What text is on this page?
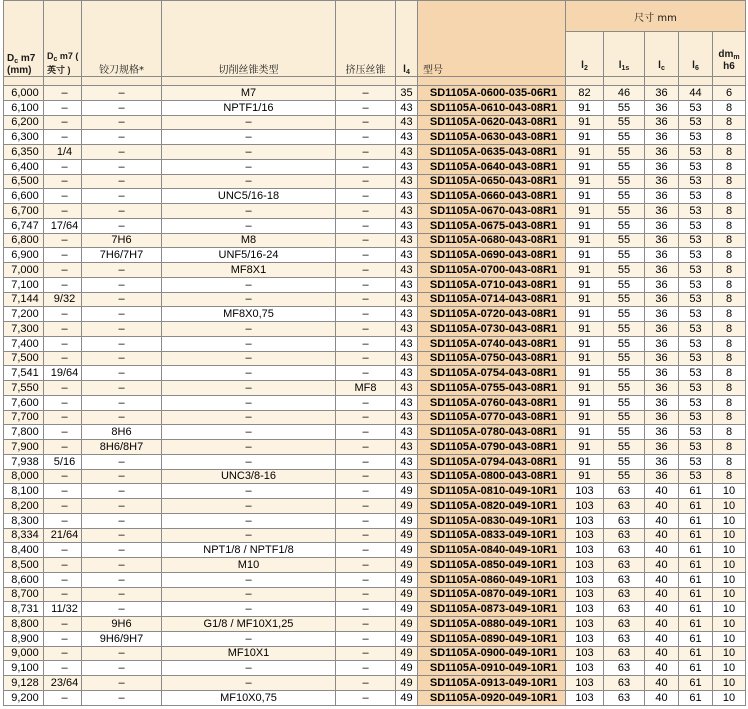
$D_c$ m7 (mm)	$D_c$ m7 ( 英寸 )	铰刀规格*	切削丝锥类型	挤压丝锥	$l_4$	型号	尺寸 mm				
							$l_2$	$l_{1s}$	$l_c$	$l_6$	$dm_m$ h6

6,000	–	–	M7	–	35	SD1105A-0600-035-06R1	82	46	36	44	6
6,100	–	–	NPTF1/16	–	43	SD1105A-0610-043-08R1	91	55	36	53	8
6,200	–	–	–	–	43	SD1105A-0620-043-08R1	91	55	36	53	8
6,300	–	–	–	–	43	SD1105A-0630-043-08R1	91	55	36	53	8
6,350	1/4	–	–	–	43	SD1105A-0635-043-08R1	91	55	36	53	8
6,400	–	–	–	–	43	SD1105A-0640-043-08R1	91	55	36	53	8
6,500	–	–	–	–	43	SD1105A-0650-043-08R1	91	55	36	53	8
6,600	–	–	UNC5/16-18	–	43	SD1105A-0660-043-08R1	91	55	36	53	8
6,700	–	–	–	–	43	SD1105A-0670-043-08R1	91	55	36	53	8
6,747	17/64	–	–	–	43	SD1105A-0675-043-08R1	91	55	36	53	8
6,800	–	7H6	M8	–	43	SD1105A-0680-043-08R1	91	55	36	53	8
6,900	–	7H6/7H7	UNF5/16-24	–	43	SD1105A-0690-043-08R1	91	55	36	53	8
7,000	–	–	MF8X1	–	43	SD1105A-0700-043-08R1	91	55	36	53	8
7,100	–	–	–	–	43	SD1105A-0710-043-08R1	91	55	36	53	8
7,144	9/32	–	–	–	43	SD1105A-0714-043-08R1	91	55	36	53	8
7,200	–	–	MF8X0,75	–	43	SD1105A-0720-043-08R1	91	55	36	53	8
7,300	–	–	–	–	43	SD1105A-0730-043-08R1	91	55	36	53	8
7,400	–	–	–	–	43	SD1105A-0740-043-08R1	91	55	36	53	8
7,500	–	–	–	–	43	SD1105A-0750-043-08R1	91	55	36	53	8
7,541	19/64	–	–	–	43	SD1105A-0754-043-08R1	91	55	36	53	8
7,550	–	–	–	MF8	43	SD1105A-0755-043-08R1	91	55	36	53	8
7,600	–	–	–	–	43	SD1105A-0760-043-08R1	91	55	36	53	8
7,700	–	–	–	–	43	SD1105A-0770-043-08R1	91	55	36	53	8
7,800	–	8H6	–	–	43	SD1105A-0780-043-08R1	91	55	36	53	8
7,900	–	8H6/8H7	–	–	43	SD1105A-0790-043-08R1	91	55	36	53	8
7,938	5/16	–	–	–	43	SD1105A-0794-043-08R1	91	55	36	53	8
8,000	–	–	UNC3/8-16	–	43	SD1105A-0800-043-08R1	91	55	36	53	8
8,100	–	–	–	–	49	SD1105A-0810-049-10R1	103	63	40	61	10
8,200	–	–	–	–	49	SD1105A-0820-049-10R1	103	63	40	61	10
8,300	–	–	–	–	49	SD1105A-0830-049-10R1	103	63	40	61	10
8,334	21/64	–	–	–	49	SD1105A-0833-049-10R1	103	63	40	61	10
8,400	–	–	NPT1/8 / NPTF1/8	–	49	SD1105A-0840-049-10R1	103	63	40	61	10
8,500	–	–	M10	–	49	SD1105A-0850-049-10R1	103	63	40	61	10
8,600	–	–	–	–	49	SD1105A-0860-049-10R1	103	63	40	61	10
8,700	–	–	–	–	49	SD1105A-0870-049-10R1	103	63	40	61	10
8,731	11/32	–	–	–	49	SD1105A-0873-049-10R1	103	63	40	61	10
8,800	–	9H6	G1/8 / MF10X1,25	–	49	SD1105A-0880-049-10R1	103	63	40	61	10
8,900	–	9H6/9H7	–	–	49	SD1105A-0890-049-10R1	103	63	40	61	10
9,000	–	–	MF10X1	–	49	SD1105A-0900-049-10R1	103	63	40	61	10
9,100	–	–	–	–	49	SD1105A-0910-049-10R1	103	63	40	61	10
9,128	23/64	–	–	–	49	SD1105A-0913-049-10R1	103	63	40	61	10
9,200	–	–	MF10X0,75	–	49	SD1105A-0920-049-10R1	103	63	40	61	10
